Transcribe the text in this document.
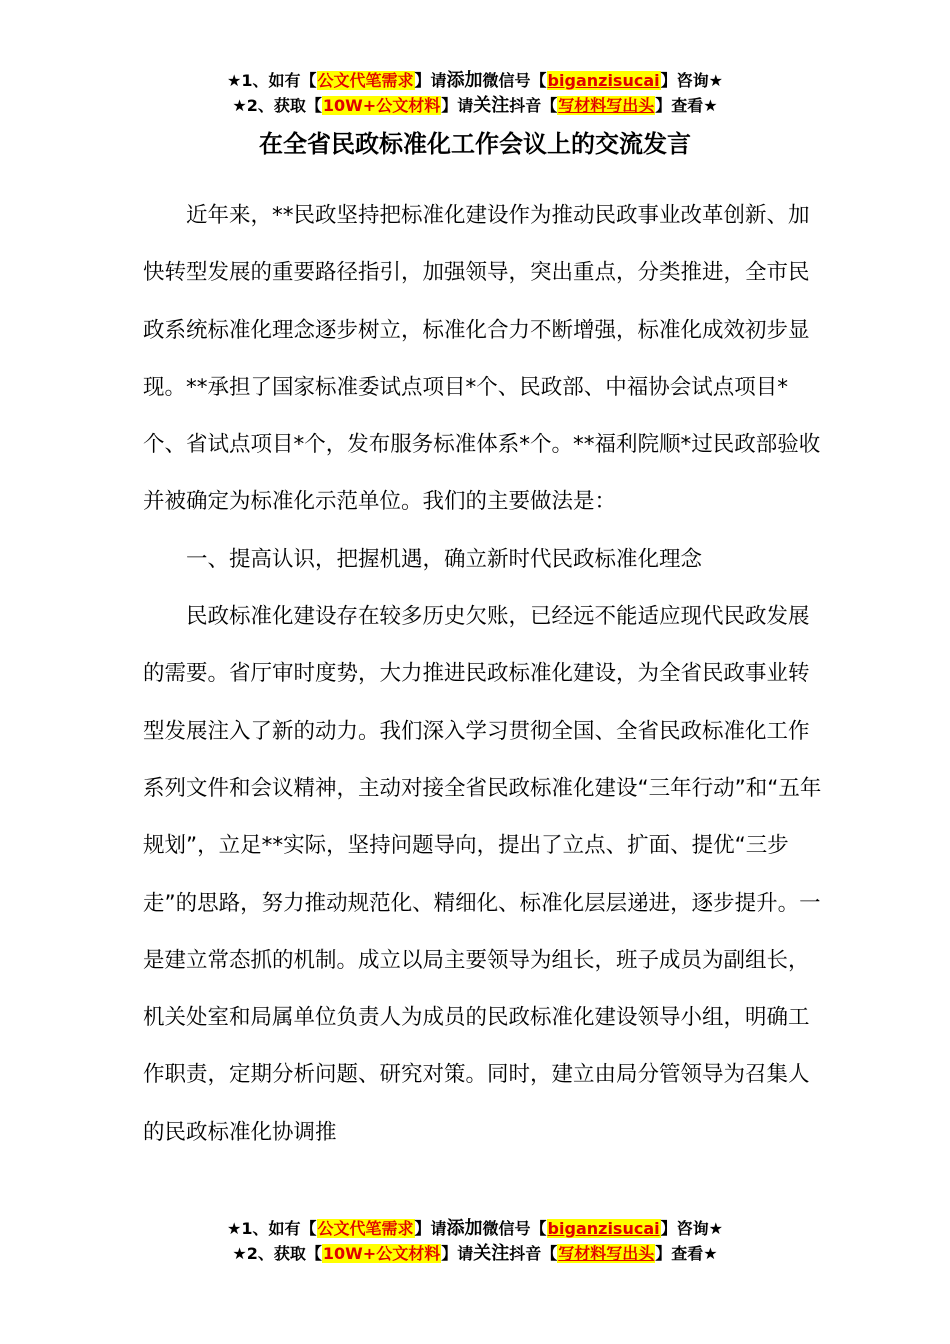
★1、如有【公文代笔需求】请添加微信号【biganzisucai】咨询★
★2、获取【10W+公文材料】请关注抖音【写材料写出头】查看★
在全省民政标准化工作会议上的交流发言

近年来，**民政坚持把标准化建设作为推动民政事业改革创新、加快转型发展的重要路径指引，加强领导，突出重点，分类推进，全市民政系统标准化理念逐步树立，标准化合力不断增强，标准化成效初步显现。**承担了国家标准委试点项目*个、民政部、中福协会试点项目*个、省试点项目*个，发布服务标准体系*个。**福利院顺*过民政部验收并被确定为标准化示范单位。我们的主要做法是：

一、提高认识，把握机遇，确立新时代民政标准化理念

民政标准化建设存在较多历史欠账，已经远不能适应现代民政发展的需要。省厅审时度势，大力推进民政标准化建设，为全省民政事业转型发展注入了新的动力。我们深入学习贯彻全国、全省民政标准化工作系列文件和会议精神，主动对接全省民政标准化建设“三年行动”和“五年规划”，立足**实际，坚持问题导向，提出了立点、扩面、提优“三步走”的思路，努力推动规范化、精细化、标准化层层递进，逐步提升。一是建立常态抓的机制。成立以局主要领导为组长，班子成员为副组长，机关处室和局属单位负责人为成员的民政标准化建设领导小组，明确工作职责，定期分析问题、研究对策。同时，建立由局分管领导为召集人的民政标准化协调推

★1、如有【公文代笔需求】请添加微信号【biganzisucai】咨询★
★2、获取【10W+公文材料】请关注抖音【写材料写出头】查看★
